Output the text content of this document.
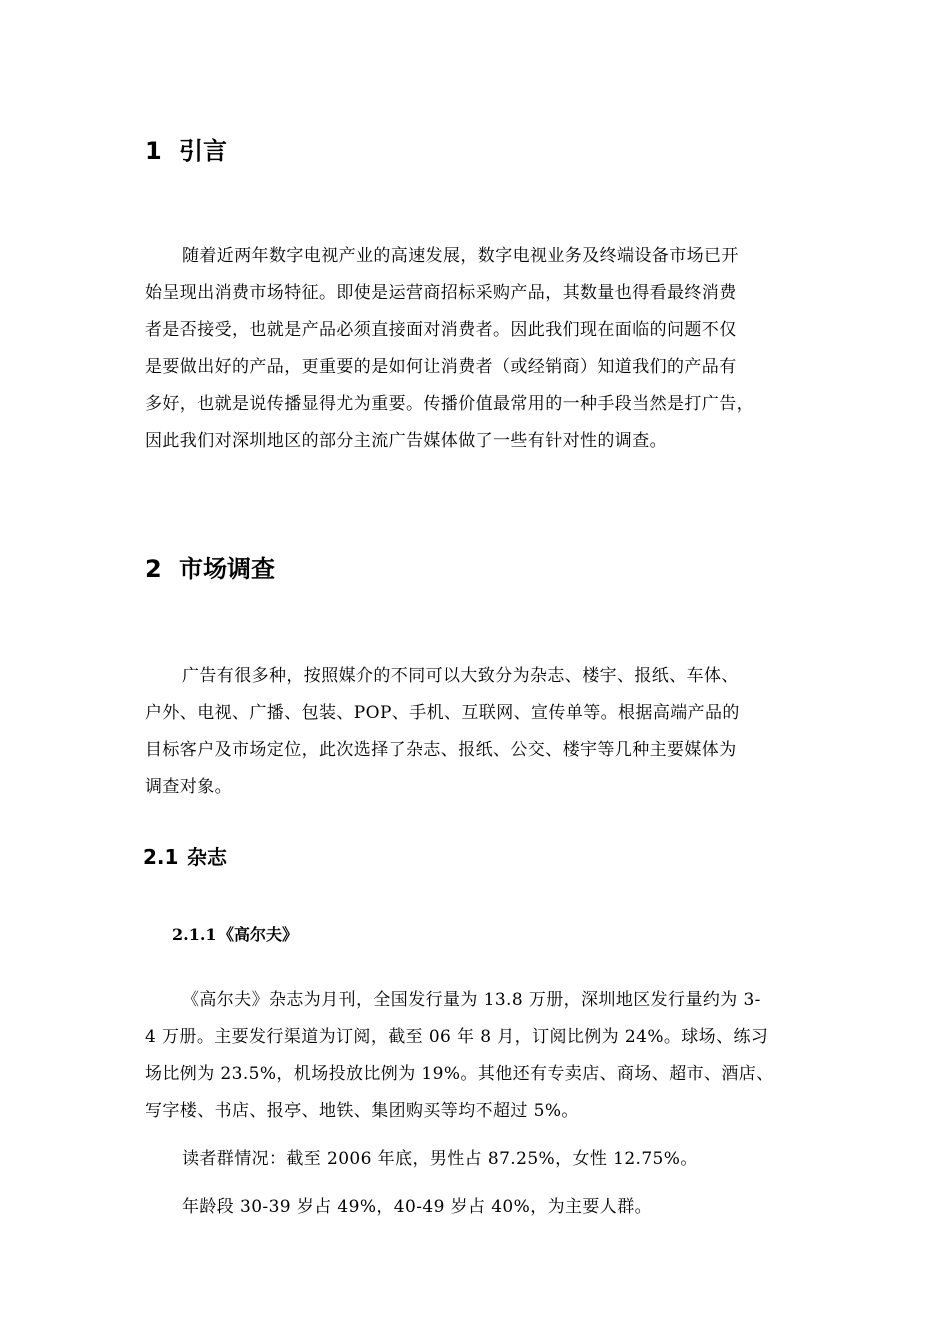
1 引言
随着近两年数字电视产业的高速发展，数字电视业务及终端设备市场已开
始呈现出消费市场特征。即使是运营商招标采购产品，其数量也得看最终消费
者是否接受，也就是产品必须直接面对消费者。因此我们现在面临的问题不仅
是要做出好的产品，更重要的是如何让消费者（或经销商）知道我们的产品有
多好，也就是说传播显得尤为重要。传播价值最常用的一种手段当然是打广告，
因此我们对深圳地区的部分主流广告媒体做了一些有针对性的调查。
2 市场调查
广告有很多种，按照媒介的不同可以大致分为杂志、楼宇、报纸、车体、
户外、电视、广播、包装、POP、手机、互联网、宣传单等。根据高端产品的
目标客户及市场定位，此次选择了杂志、报纸、公交、楼宇等几种主要媒体为
调查对象。
2.1 杂志
2.1.1《高尔夫》
《高尔夫》杂志为月刊，全国发行量为 13.8 万册，深圳地区发行量约为 3-
4 万册。主要发行渠道为订阅，截至 06 年 8 月，订阅比例为 24%。球场、练习
场比例为 23.5%，机场投放比例为 19%。其他还有专卖店、商场、超市、酒店、
写字楼、书店、报亭、地铁、集团购买等均不超过 5%。

读者群情况：截至 2006 年底，男性占 87.25%，女性 12.75%。

年龄段 30-39 岁占 49%，40-49 岁占 40%，为主要人群。
